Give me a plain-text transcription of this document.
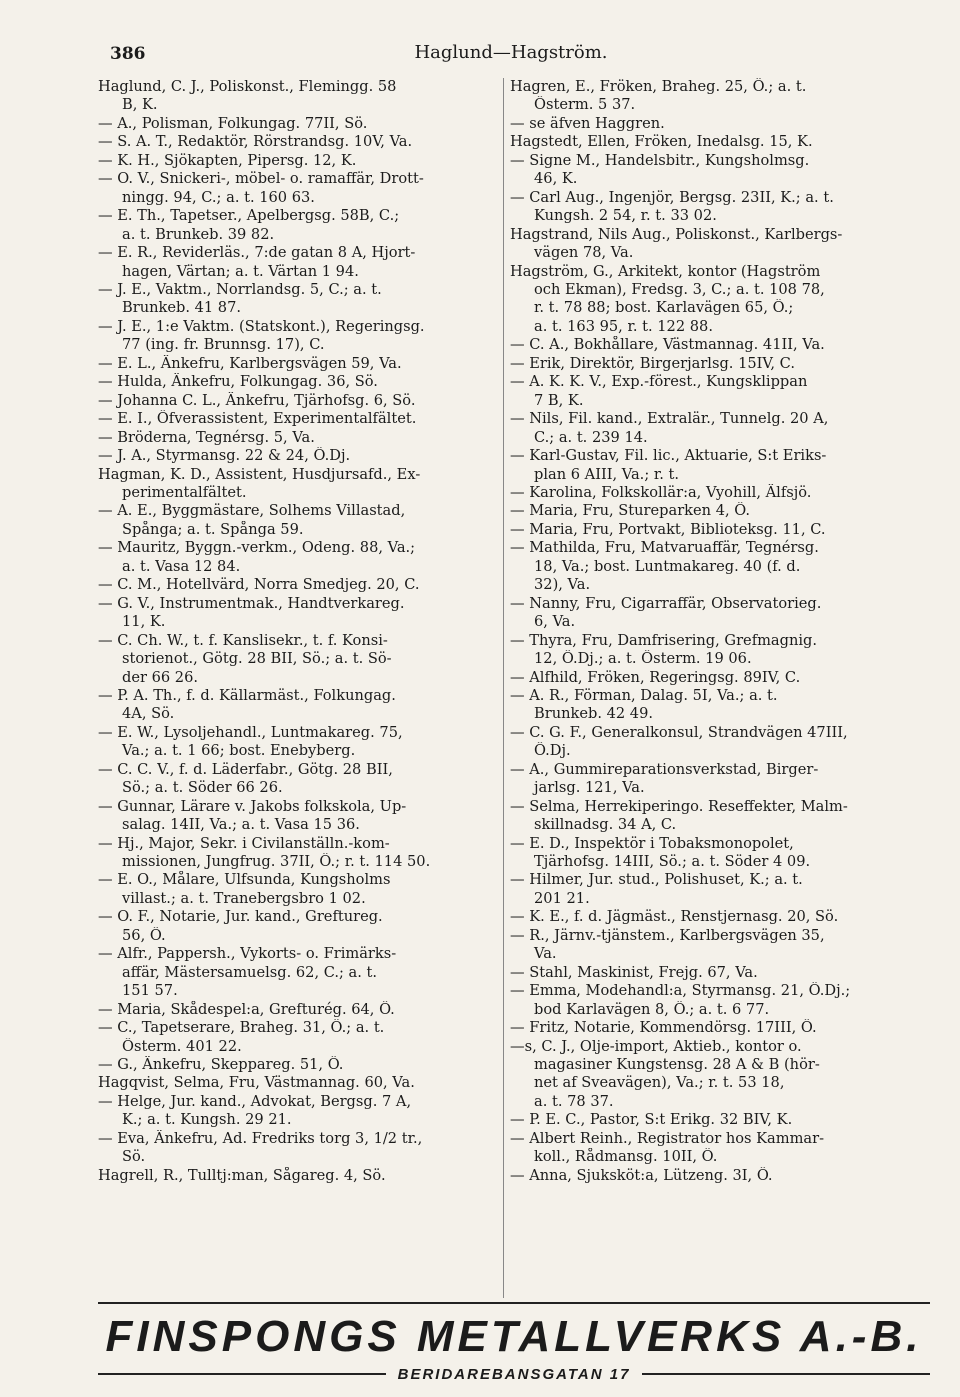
386	Haglund—Hagström.
Haglund, C. J., Poliskonst., Flemingg. 58
B, K.
— A., Polisman, Folkungag. 77II, Sö.
— S. A. T., Redaktör, Rörstrandsg. 10V, Va.
— K. H., Sjökapten, Pipersg. 12, K.
— O. V., Snickeri-, möbel- o. ramaffär, Drott-
ningg. 94, C.; a. t. 160 63.
— E. Th., Tapetser., Apelbergsg. 58B, C.;
a. t. Brunkeb. 39 82.
— E. R., Reviderläs., 7:de gatan 8 A, Hjort-
hagen, Värtan; a. t. Värtan 1 94.
— J. E., Vaktm., Norrlandsg. 5, C.; a. t.
Brunkeb. 41 87.
— J. E., 1:e Vaktm. (Statskont.), Regeringsg.
77 (ing. fr. Brunnsg. 17), C.
— E. L., Änkefru, Karlbergsvägen 59, Va.
— Hulda, Änkefru, Folkungag. 36, Sö.
— Johanna C. L., Änkefru, Tjärhofsg. 6, Sö.
— E. I., Öfverassistent, Experimentalfältet.
— Bröderna, Tegnérsg. 5, Va.
— J. A., Styrmansg. 22 & 24, Ö.Dj.
Hagman, K. D., Assistent, Husdjursafd., Ex-
perimentalfältet.
— A. E., Byggmästare, Solhems Villastad,
Spånga; a. t. Spånga 59.
— Mauritz, Byggn.-verkm., Odeng. 88, Va.;
a. t. Vasa 12 84.
— C. M., Hotellvärd, Norra Smedjeg. 20, C.
— G. V., Instrumentmak., Handtverkareg.
11, K.
— C. Ch. W., t. f. Kanslisekr., t. f. Konsi-
storienot., Götg. 28 BII, Sö.; a. t. Sö-
der 66 26.
— P. A. Th., f. d. Källarmäst., Folkungag.
4A, Sö.
— E. W., Lysoljehandl., Luntmakareg. 75,
Va.; a. t. 1 66; bost. Enebyberg.
— C. C. V., f. d. Läderfabr., Götg. 28 BII,
Sö.; a. t. Söder 66 26.
— Gunnar, Lärare v. Jakobs folkskola, Up-
salag. 14II, Va.; a. t. Vasa 15 36.
— Hj., Major, Sekr. i Civilanställn.-kom-
missionen, Jungfrug. 37II, Ö.; r. t. 114 50.
— E. O., Målare, Ulfsunda, Kungsholms
villast.; a. t. Tranebergsbro 1 02.
— O. F., Notarie, Jur. kand., Greftureg.
56, Ö.
— Alfr., Pappersh., Vykorts- o. Frimärks-
affär, Mästersamuelsg. 62, C.; a. t.
151 57.
— Maria, Skådespel:a, Grefturég. 64, Ö.
— C., Tapetserare, Braheg. 31, Ö.; a. t.
Österm. 401 22.
— G., Änkefru, Skeppareg. 51, Ö.
Hagqvist, Selma, Fru, Västmannag. 60, Va.
— Helge, Jur. kand., Advokat, Bergsg. 7 A,
K.; a. t. Kungsh. 29 21.
— Eva, Änkefru, Ad. Fredriks torg 3, 1/2 tr.,
Sö.
Hagrell, R., Tulltj:man, Sågareg. 4, Sö.
Hagren, E., Fröken, Braheg. 25, Ö.; a. t.
Österm. 5 37.
— se äfven Haggren.
Hagstedt, Ellen, Fröken, Inedalsg. 15, K.
— Signe M., Handelsbitr., Kungsholmsg.
46, K.
— Carl Aug., Ingenjör, Bergsg. 23II, K.; a. t.
Kungsh. 2 54, r. t. 33 02.
Hagstrand, Nils Aug., Poliskonst., Karlbergs-
vägen 78, Va.
Hagström, G., Arkitekt, kontor (Hagström
och Ekman), Fredsg. 3, C.; a. t. 108 78,
r. t. 78 88; bost. Karlavägen 65, Ö.;
a. t. 163 95, r. t. 122 88.
— C. A., Bokhållare, Västmannag. 41II, Va.
— Erik, Direktör, Birgerjarlsg. 15IV, C.
— A. K. K. V., Exp.-förest., Kungsklippan
7 B, K.
— Nils, Fil. kand., Extralär., Tunnelg. 20 A,
C.; a. t. 239 14.
— Karl-Gustav, Fil. lic., Aktuarie, S:t Eriks-
plan 6 AIII, Va.; r. t.
— Karolina, Folkskollär:a, Vyohill, Älfsjö.
— Maria, Fru, Stureparken 4, Ö.
— Maria, Fru, Portvakt, Biblioteksg. 11, C.
— Mathilda, Fru, Matvaruaffär, Tegnérsg.
18, Va.; bost. Luntmakareg. 40 (f. d.
32), Va.
— Nanny, Fru, Cigarraffär, Observatorieg.
6, Va.
— Thyra, Fru, Damfrisering, Grefmagnig.
12, Ö.Dj.; a. t. Österm. 19 06.
— Alfhild, Fröken, Regeringsg. 89IV, C.
— A. R., Förman, Dalag. 5I, Va.; a. t.
Brunkeb. 42 49.
— C. G. F., Generalkonsul, Strandvägen 47III,
Ö.Dj.
— A., Gummireparationsverkstad, Birger-
jarlsg. 121, Va.
— Selma, Herrekiperingo. Reseffekter, Malm-
skillnadsg. 34 A, C.
— E. D., Inspektör i Tobaksmonopolet,
Tjärhofsg. 14III, Sö.; a. t. Söder 4 09.
— Hilmer, Jur. stud., Polishuset, K.; a. t.
201 21.
— K. E., f. d. Jägmäst., Renstjernasg. 20, Sö.
— R., Järnv.-tjänstem., Karlbergsvägen 35,
Va.
— Stahl, Maskinist, Frejg. 67, Va.
— Emma, Modehandl:a, Styrmansg. 21, Ö.Dj.;
bod Karlavägen 8, Ö.; a. t. 6 77.
— Fritz, Notarie, Kommendörsg. 17III, Ö.
—s, C. J., Olje-import, Aktieb., kontor o.
magasiner Kungstensg. 28 A & B (hör-
net af Sveavägen), Va.; r. t. 53 18,
a. t. 78 37.
— P. E. C., Pastor, S:t Erikg. 32 BIV, K.
— Albert Reinh., Registrator hos Kammar-
koll., Rådmansg. 10II, Ö.
— Anna, Sjuksköt:a, Lützeng. 3I, Ö.
FINSPONGS METALLVERKS A.-B.
BERIDAREBANSGATAN 17
